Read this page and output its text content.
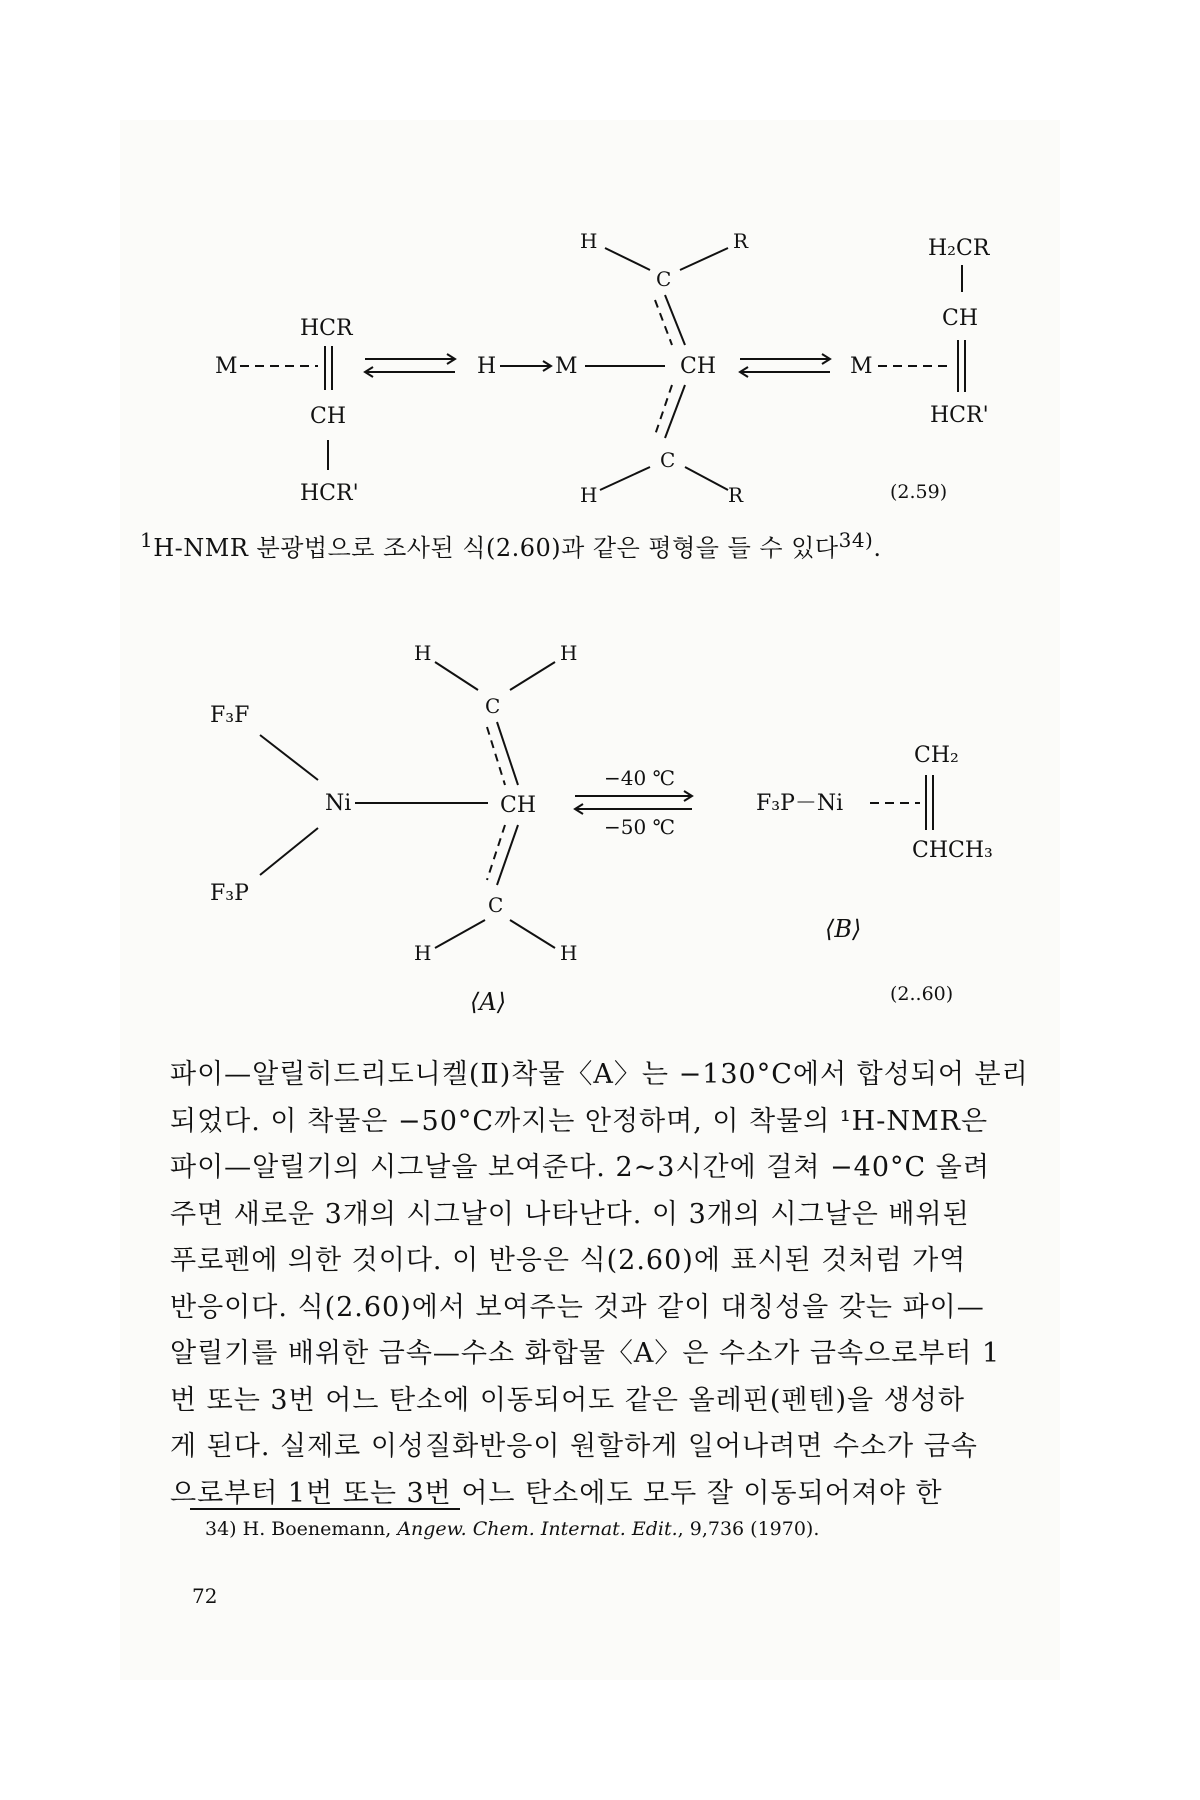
HCR
M
CH
HCR'
H	M	CH
H	R
C
C
H	R
H₂CR
CH
M
HCR'
(2.59)
F₃F
F₃P
Ni	CH
H	H
C
C
H	H
−40 ℃
−50 ℃
F₃P－Ni
CH₂
CHCH₃
⟨B⟩
⟨A⟩	(2..60)
$^1$H-NMR 분광법으로 조사된 식(2.60)과 같은 평형을 들 수 있다$^{34)}$.
파이—알릴히드리도니켈(Ⅱ)착물〈A〉는 −130°C에서 합성되어 분리
되었다. 이 착물은 −50°C까지는 안정하며, 이 착물의 ¹H-NMR은
파이—알릴기의 시그날을 보여준다. 2~3시간에 걸쳐 −40°C 올려
주면 새로운 3개의 시그날이 나타난다. 이 3개의 시그날은 배위된
푸로펜에 의한 것이다. 이 반응은 식(2.60)에 표시된 것처럼 가역
반응이다. 식(2.60)에서 보여주는 것과 같이 대칭성을 갖는 파이—
알릴기를 배위한 금속—수소 화합물〈A〉은 수소가 금속으로부터 1
번 또는 3번 어느 탄소에 이동되어도 같은 올레핀(펜텐)을 생성하
게 된다. 실제로 이성질화반응이 원할하게 일어나려면 수소가 금속
으로부터 1번 또는 3번 어느 탄소에도 모두 잘 이동되어져야 한
34) H. Boenemann, Angew. Chem. Internat. Edit., 9,736 (1970).
72
